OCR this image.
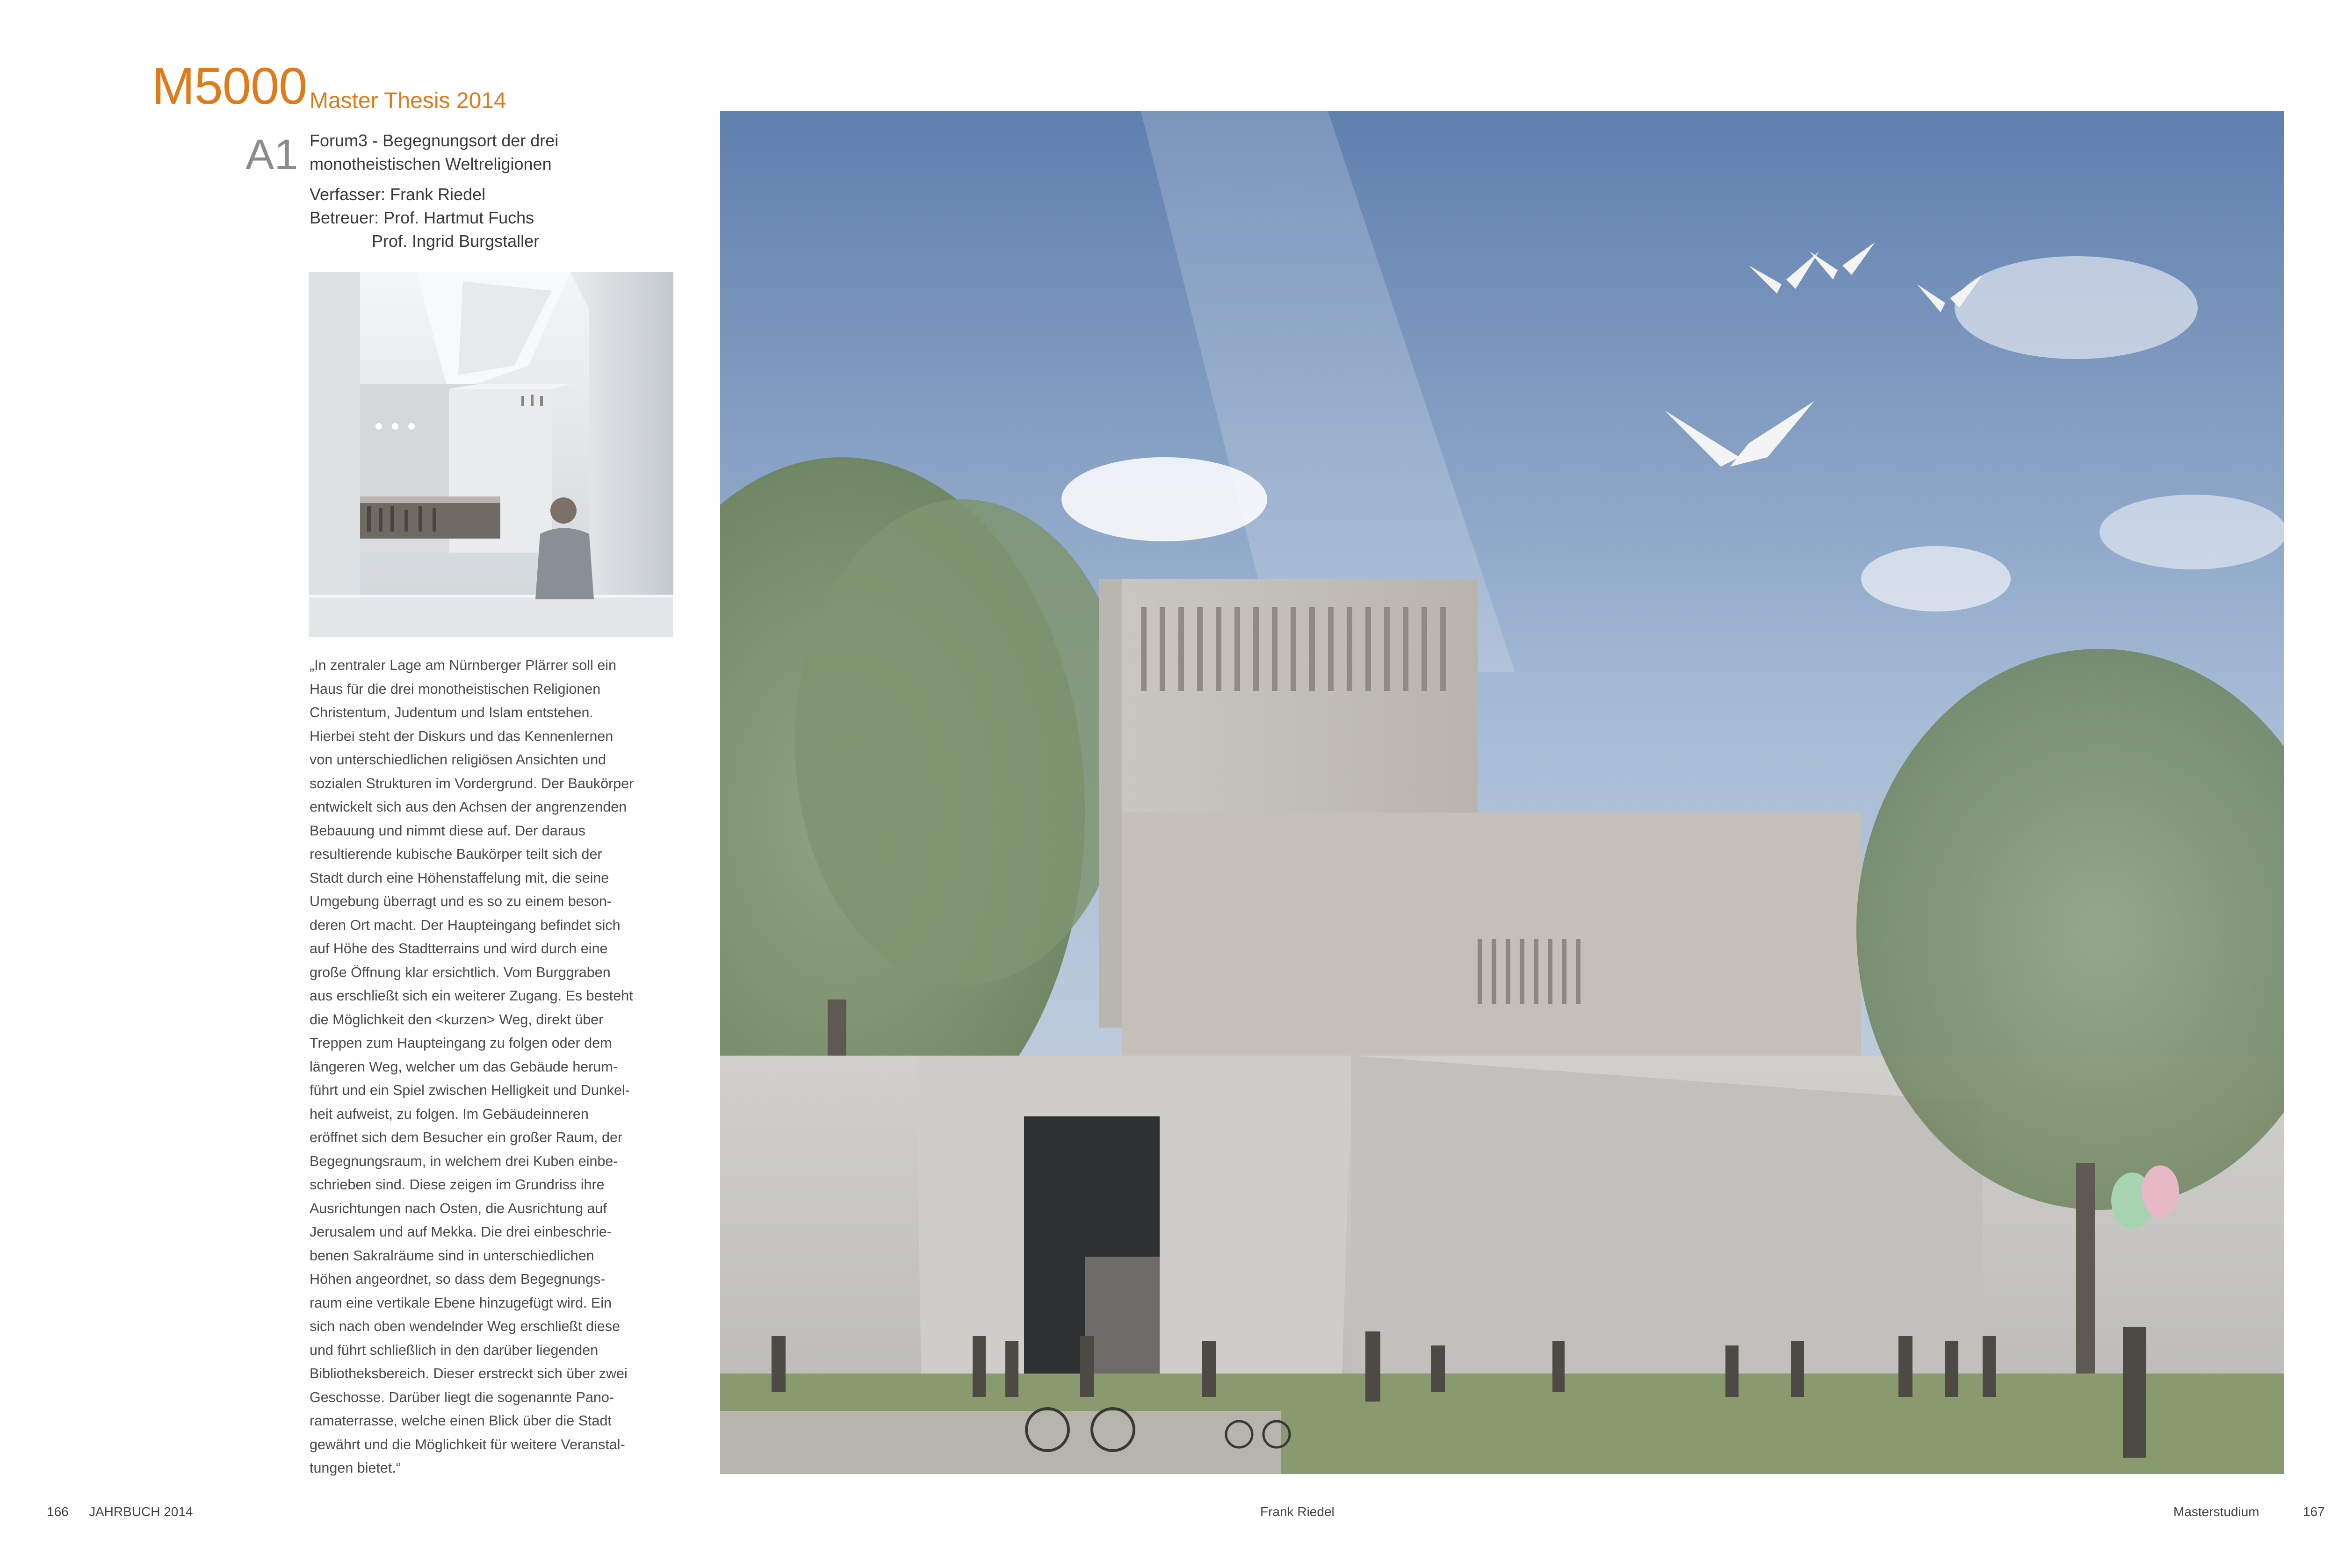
M5000 Master Thesis 2014
A1 Forum3 - Begegnungsort der drei
monotheistischen Weltreligionen
Verfasser: Frank Riedel
Betreuer: Prof. Hartmut Fuchs
Prof. Ingrid Burgstaller
„In zentraler Lage am Nürnberger Plärrer soll ein
Haus für die drei monotheistischen Religionen
Christentum, Judentum und Islam entstehen.
Hierbei steht der Diskurs und das Kennenlernen
von unterschiedlichen religiösen Ansichten und
sozialen Strukturen im Vordergrund. Der Baukörper
entwickelt sich aus den Achsen der angrenzenden
Bebauung und nimmt diese auf. Der daraus
resultierende kubische Baukörper teilt sich der
Stadt durch eine Höhenstaffelung mit, die seine
Umgebung überragt und es so zu einem beson-
deren Ort macht. Der Haupteingang befindet sich
auf Höhe des Stadtterrains und wird durch eine
große Öffnung klar ersichtlich. Vom Burggraben
aus erschließt sich ein weiterer Zugang. Es besteht
die Möglichkeit den <kurzen> Weg, direkt über
Treppen zum Haupteingang zu folgen oder dem
längeren Weg, welcher um das Gebäude herum-
führt und ein Spiel zwischen Helligkeit und Dunkel-
heit aufweist, zu folgen. Im Gebäudeinneren
eröffnet sich dem Besucher ein großer Raum, der
Begegnungsraum, in welchem drei Kuben einbe-
schrieben sind. Diese zeigen im Grundriss ihre
Ausrichtungen nach Osten, die Ausrichtung auf
Jerusalem und auf Mekka. Die drei einbeschrie-
benen Sakralräume sind in unterschiedlichen
Höhen angeordnet, so dass dem Begegnungs-
raum eine vertikale Ebene hinzugefügt wird. Ein
sich nach oben wendelnder Weg erschließt diese
und führt schließlich in den darüber liegenden
Bibliotheksbereich. Dieser erstreckt sich über zwei
Geschosse. Darüber liegt die sogenannte Pano-
ramaterrasse, welche einen Blick über die Stadt
gewährt und die Möglichkeit für weitere Veranstal-
tungen bietet.“
166 JAHRBUCH 2014	Frank Riedel	Masterstudium	167
